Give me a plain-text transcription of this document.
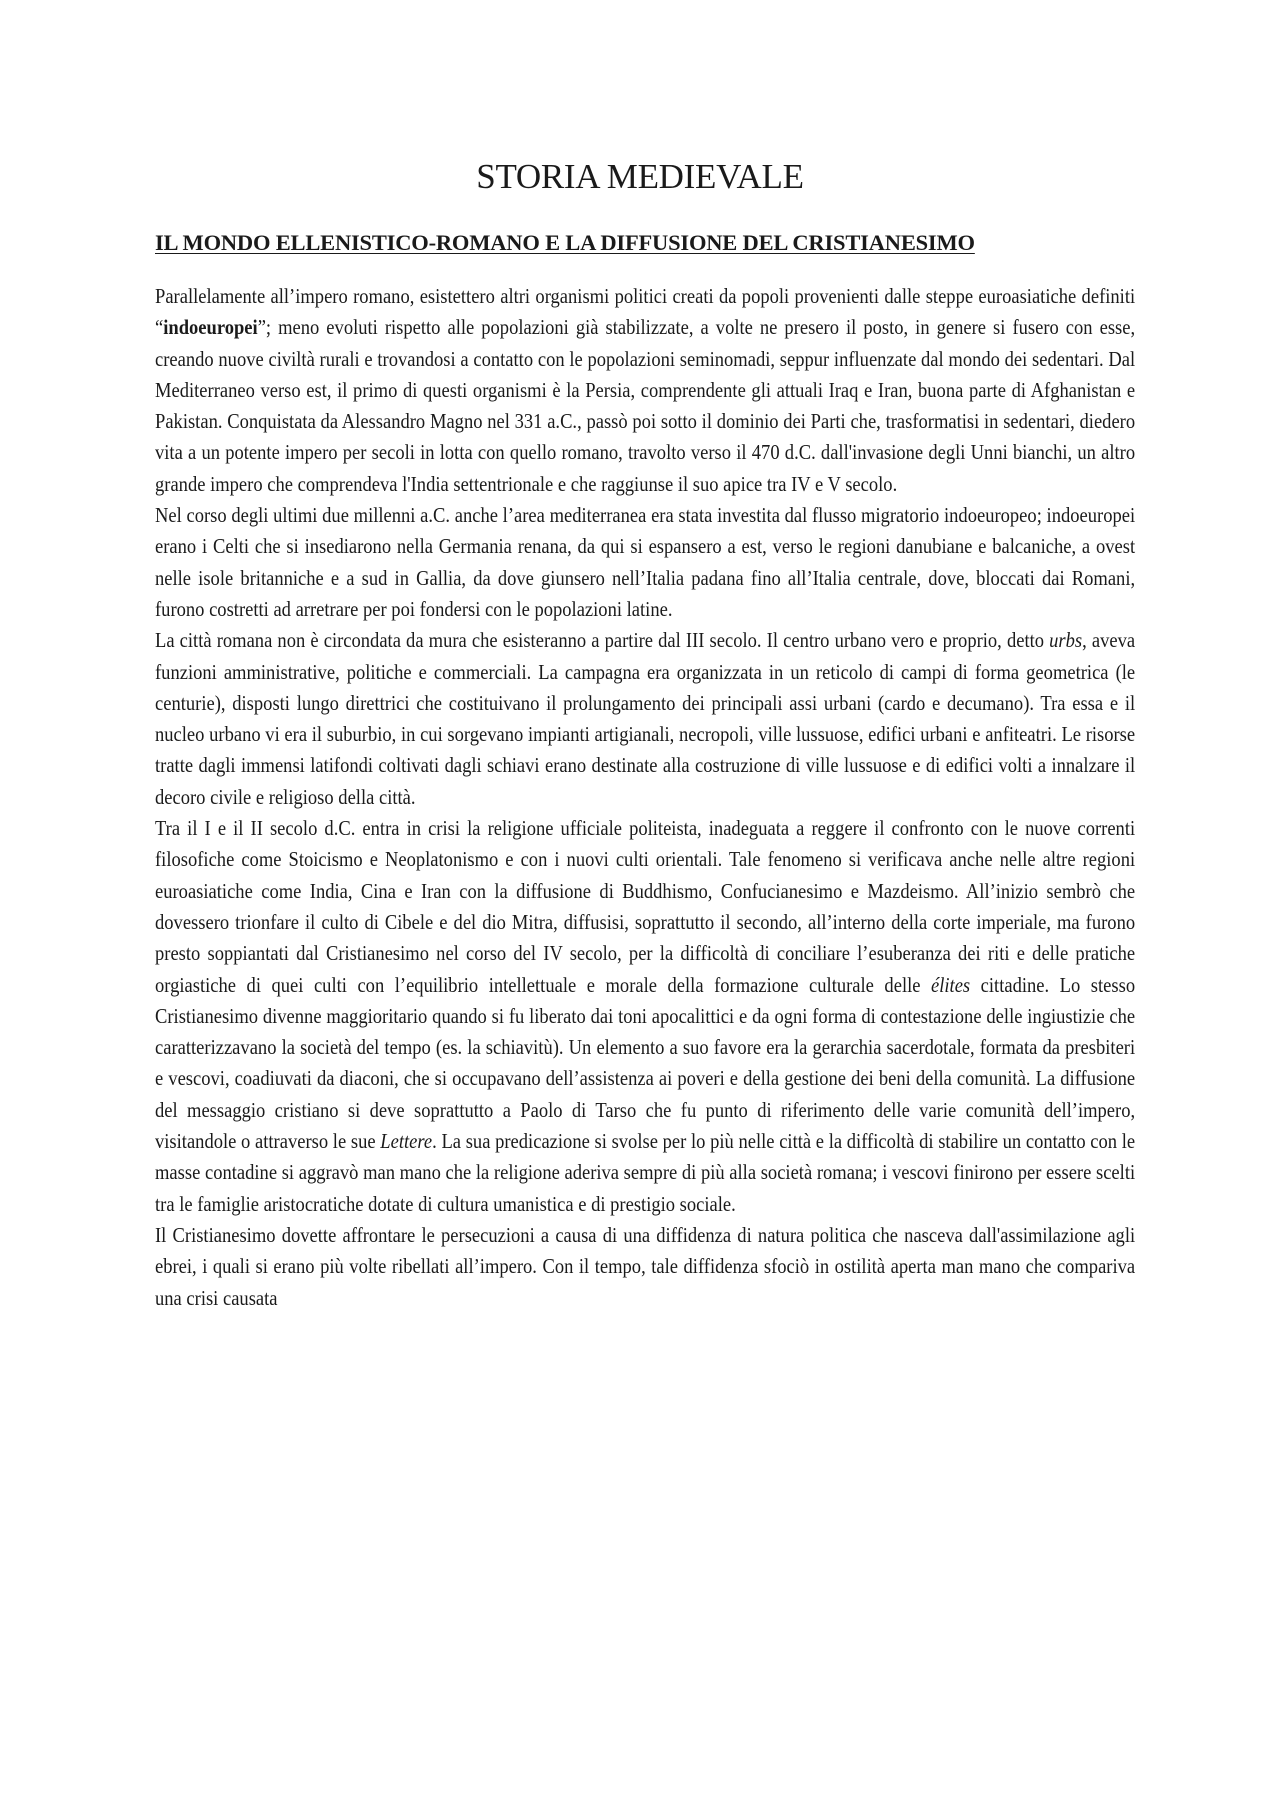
STORIA MEDIEVALE
IL MONDO ELLENISTICO-ROMANO E LA DIFFUSIONE DEL CRISTIANESIMO

Parallelamente all’impero romano, esistettero altri organismi politici creati da popoli provenienti dalle steppe euroasiatiche definiti “indoeuropei”; meno evoluti rispetto alle popolazioni già stabilizzate, a volte ne presero il posto, in genere si fusero con esse, creando nuove civiltà rurali e trovandosi a contatto con le popolazioni seminomadi, seppur influenzate dal mondo dei sedentari. Dal Mediterraneo verso est, il primo di questi organismi è la Persia, comprendente gli attuali Iraq e Iran, buona parte di Afghanistan e Pakistan. Conquistata da Alessandro Magno nel 331 a.C., passò poi sotto il dominio dei Parti che, trasformatisi in sedentari, diedero vita a un potente impero per secoli in lotta con quello romano, travolto verso il 470 d.C. dall'invasione degli Unni bianchi, un altro grande impero che comprendeva l'India settentrionale e che raggiunse il suo apice tra IV e V secolo.

Nel corso degli ultimi due millenni a.C. anche l’area mediterranea era stata investita dal flusso migratorio indoeuropeo; indoeuropei erano i Celti che si insediarono nella Germania renana, da qui si espansero a est, verso le regioni danubiane e balcaniche, a ovest nelle isole britanniche e a sud in Gallia, da dove giunsero nell’Italia padana fino all’Italia centrale, dove, bloccati dai Romani, furono costretti ad arretrare per poi fondersi con le popolazioni latine.

La città romana non è circondata da mura che esisteranno a partire dal III secolo. Il centro urbano vero e proprio, detto urbs, aveva funzioni amministrative, politiche e commerciali. La campagna era organizzata in un reticolo di campi di forma geometrica (le centurie), disposti lungo direttrici che costituivano il prolungamento dei principali assi urbani (cardo e decumano). Tra essa e il nucleo urbano vi era il suburbio, in cui sorgevano impianti artigianali, necropoli, ville lussuose, edifici urbani e anfiteatri. Le risorse tratte dagli immensi latifondi coltivati dagli schiavi erano destinate alla costruzione di ville lussuose e di edifici volti a innalzare il decoro civile e religioso della città.

Tra il I e il II secolo d.C. entra in crisi la religione ufficiale politeista, inadeguata a reggere il confronto con le nuove correnti filosofiche come Stoicismo e Neoplatonismo e con i nuovi culti orientali. Tale fenomeno si verificava anche nelle altre regioni euroasiatiche come India, Cina e Iran con la diffusione di Buddhismo, Confucianesimo e Mazdeismo. All’inizio sembrò che dovessero trionfare il culto di Cibele e del dio Mitra, diffusisi, soprattutto il secondo, all’interno della corte imperiale, ma furono presto soppiantati dal Cristianesimo nel corso del IV secolo, per la difficoltà di conciliare l’esuberanza dei riti e delle pratiche orgiastiche di quei culti con l’equilibrio intellettuale e morale della formazione culturale delle élites cittadine. Lo stesso Cristianesimo divenne maggioritario quando si fu liberato dai toni apocalittici e da ogni forma di contestazione delle ingiustizie che caratterizzavano la società del tempo (es. la schiavitù). Un elemento a suo favore era la gerarchia sacerdotale, formata da presbiteri e vescovi, coadiuvati da diaconi, che si occupavano dell’assistenza ai poveri e della gestione dei beni della comunità. La diffusione del messaggio cristiano si deve soprattutto a Paolo di Tarso che fu punto di riferimento delle varie comunità dell’impero, visitandole o attraverso le sue Lettere. La sua predicazione si svolse per lo più nelle città e la difficoltà di stabilire un contatto con le masse contadine si aggravò man mano che la religione aderiva sempre di più alla società romana; i vescovi finirono per essere scelti tra le famiglie aristocratiche dotate di cultura umanistica e di prestigio sociale.

Il Cristianesimo dovette affrontare le persecuzioni a causa di una diffidenza di natura politica che nasceva dall'assimilazione agli ebrei, i quali si erano più volte ribellati all’impero. Con il tempo, tale diffidenza sfociò in ostilità aperta man mano che compariva una crisi causata
